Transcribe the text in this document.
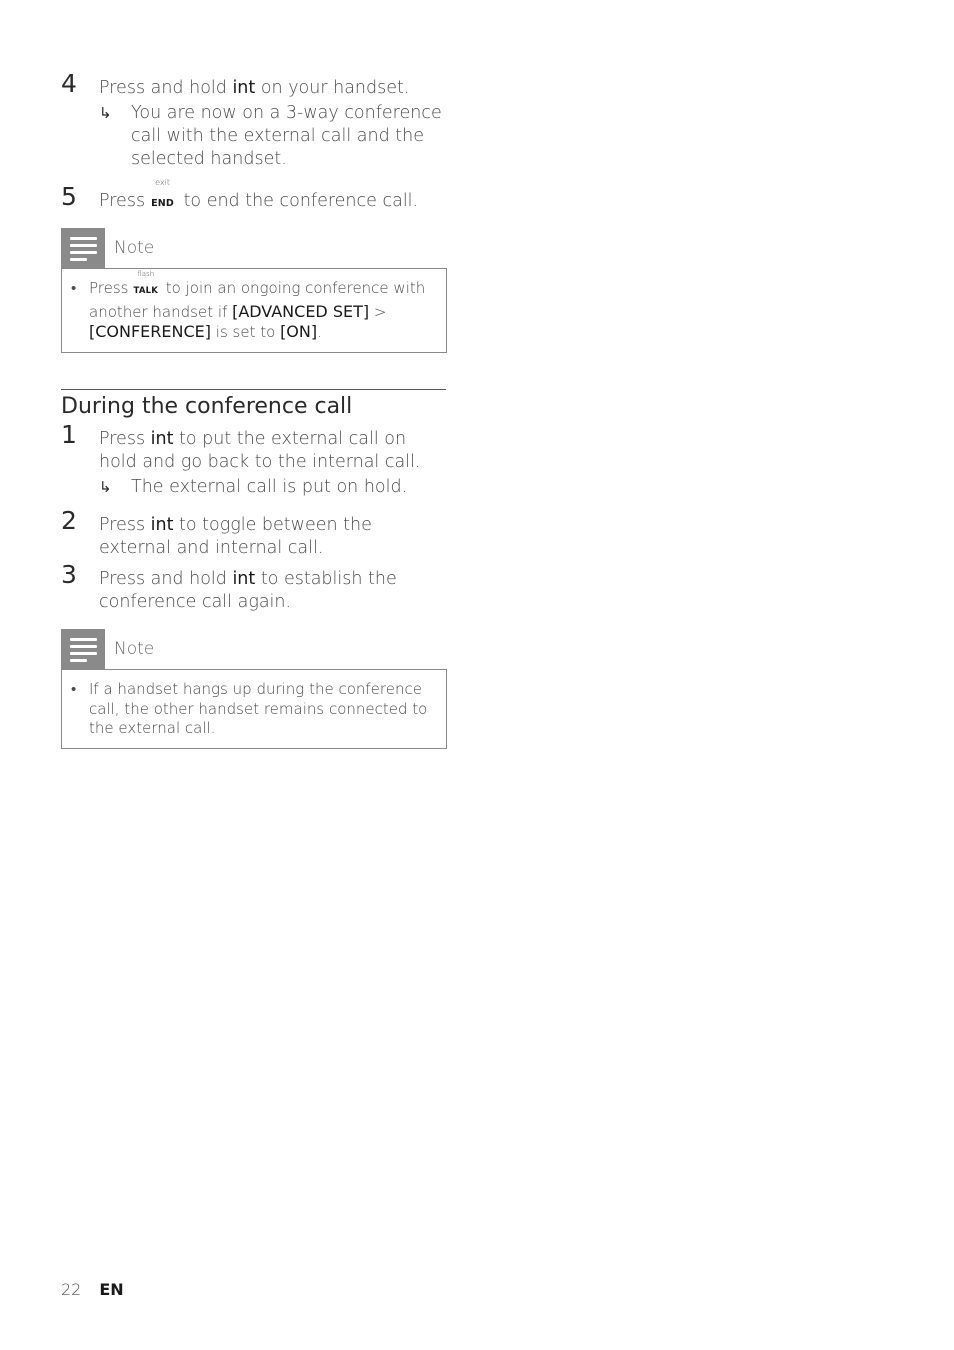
4 Press and hold int on your handset.
↳ You are now on a 3-way conference call with the external call and the selected handset.
5 Press
exit
END to end the conference call.
Note
• Press
flash
TALK to join an ongoing conference with another handset if [ADVANCED SET] > [CONFERENCE] is set to [ON].
During the conference call
1 Press int to put the external call on hold and go back to the internal call.
↳ The external call is put on hold.
2 Press int to toggle between the external and internal call.
3 Press and hold int to establish the conference call again.
Note
• If a handset hangs up during the conference call, the other handset remains connected to the external call.
22 EN
